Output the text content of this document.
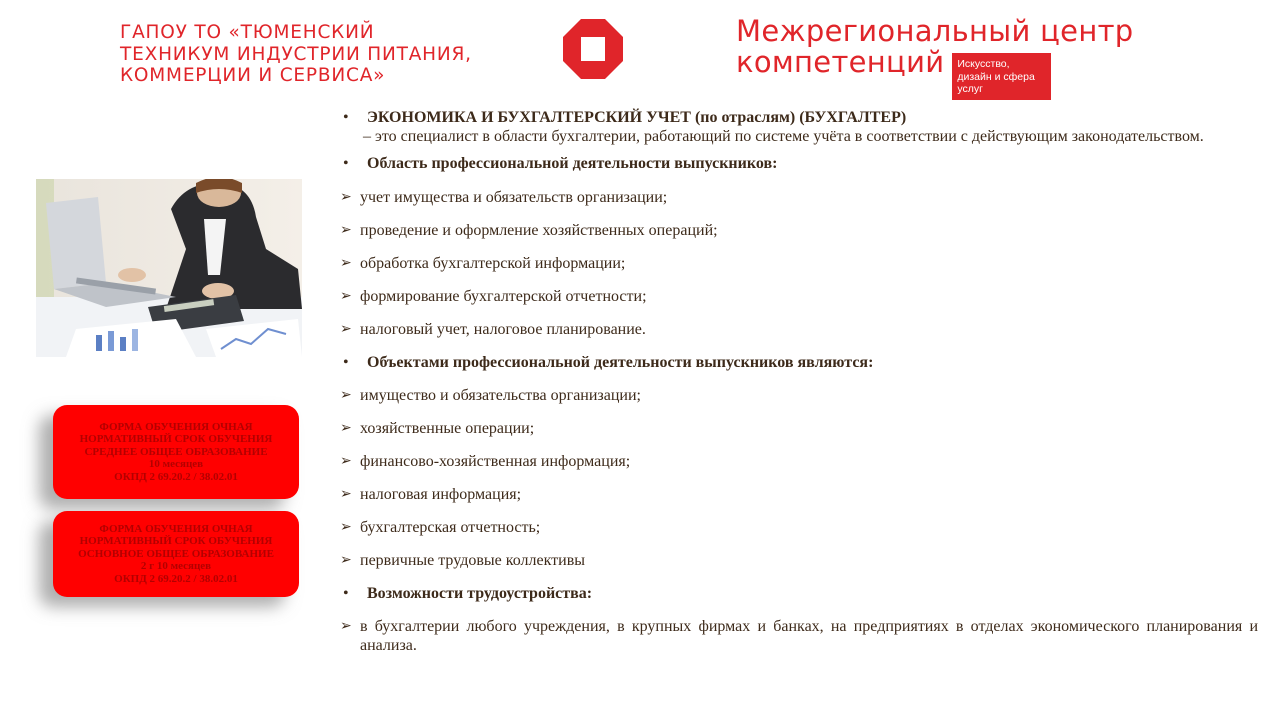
ГАПОУ ТО «ТЮМЕНСКИЙ
ТЕХНИКУМ ИНДУСТРИИ ПИТАНИЯ,
КОММЕРЦИИ И СЕРВИСА»
Межрегиональный центр
компетенций	Искусство, дизайн и сфера услуг
ФОРМА ОБУЧЕНИЯ ОЧНАЯ
НОРМАТИВНЫЙ СРОК ОБУЧЕНИЯ
СРЕДНЕЕ ОБЩЕЕ ОБРАЗОВАНИЕ
10 месяцев
ОКПД 2 69.20.2 / 38.02.01
ФОРМА ОБУЧЕНИЯ ОЧНАЯ
НОРМАТИВНЫЙ СРОК ОБУЧЕНИЯ
ОСНОВНОЕ ОБЩЕЕ ОБРАЗОВАНИЕ
2 г 10 месяцев
ОКПД 2 69.20.2 / 38.02.01
•	ЭКОНОМИКА И БУХГАЛТЕРСКИЙ УЧЕТ (по отраслям) (БУХГАЛТЕР)
– это специалист в области бухгалтерии, работающий по системе учёта в соответствии с действующим законодательством.
•	Область профессиональной деятельности выпускников:
➢ учет имущества и обязательств организации;
➢ проведение и оформление хозяйственных операций;
➢ обработка бухгалтерской информации;
➢ формирование бухгалтерской отчетности;
➢ налоговый учет, налоговое планирование.
•	Объектами профессиональной деятельности выпускников являются:
➢ имущество и обязательства организации;
➢ хозяйственные операции;
➢ финансово-хозяйственная информация;
➢ налоговая информация;
➢ бухгалтерская отчетность;
➢ первичные трудовые коллективы
•	Возможности трудоустройства:
➢ в бухгалтерии любого учреждения, в крупных фирмах и банках, на предприятиях в отделах экономического планирования и анализа.
